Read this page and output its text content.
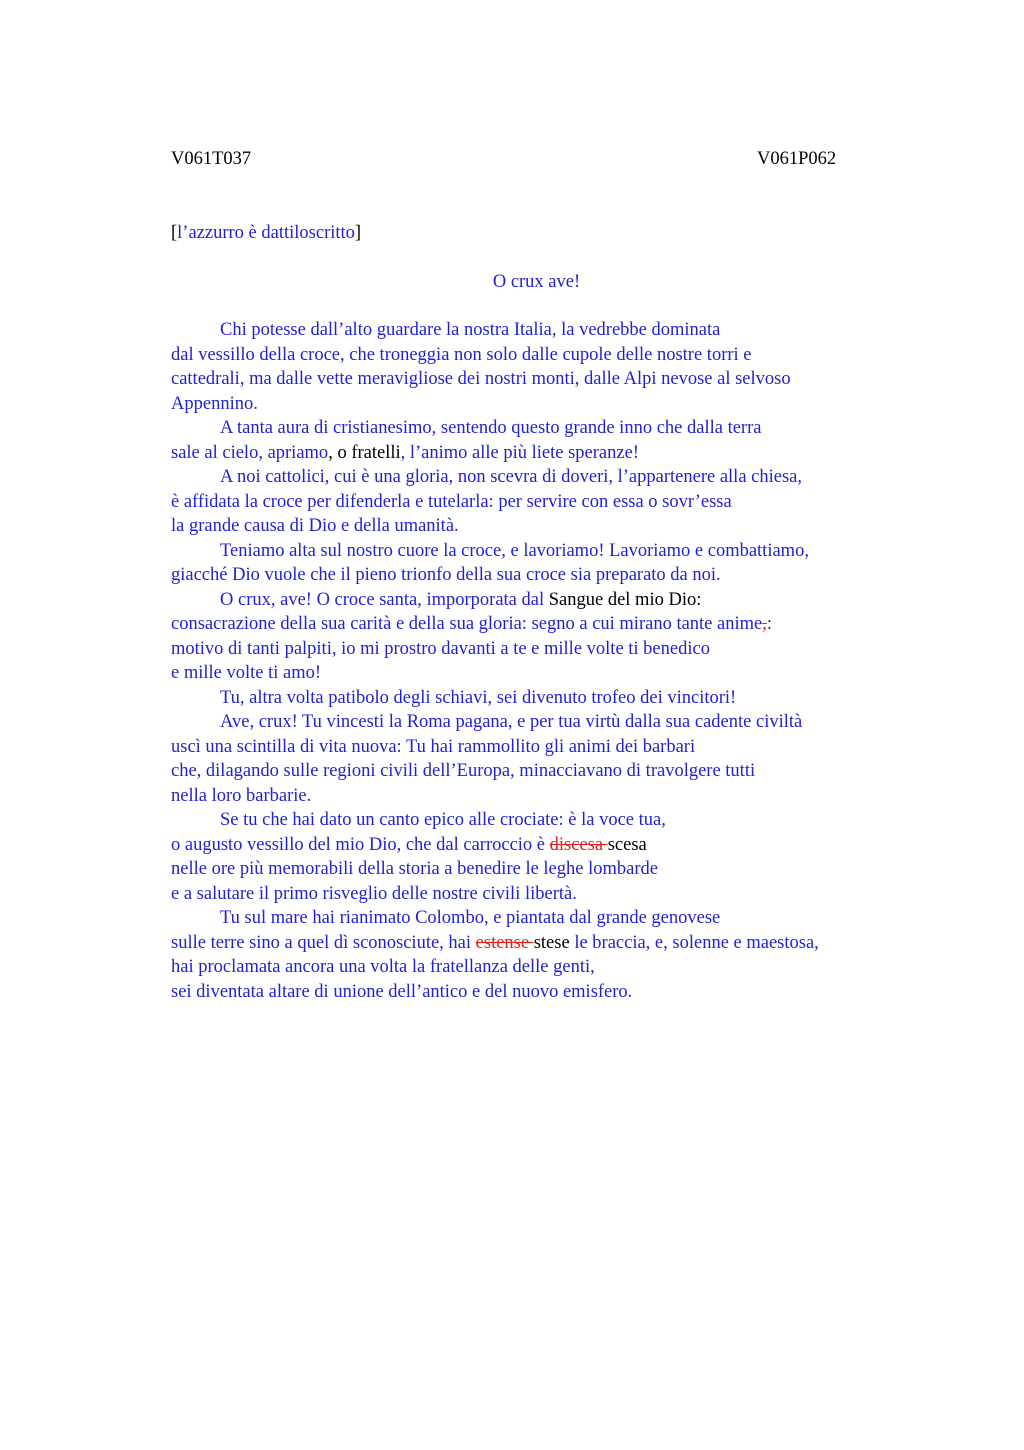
V061T037	V061P062
[l’azzurro è dattiloscritto]
O crux ave!
Chi potesse dall’alto guardare la nostra Italia, la vedrebbe dominata
dal vessillo della croce, che troneggia non solo dalle cupole delle nostre torri e
cattedrali, ma dalle vette meravigliose dei nostri monti, dalle Alpi nevose al selvoso
Appennino.
A tanta aura di cristianesimo, sentendo questo grande inno che dalla terra
sale al cielo, apriamo, o fratelli, l’animo alle più liete speranze!
A noi cattolici, cui è una gloria, non scevra di doveri, l’appartenere alla chiesa,
è affidata la croce per difenderla e tutelarla: per servire con essa o sovr’essa
la grande causa di Dio e della umanità.
Teniamo alta sul nostro cuore la croce, e lavoriamo! Lavoriamo e combattiamo,
giacché Dio vuole che il pieno trionfo della sua croce sia preparato da noi.
O crux, ave! O croce santa, imporporata dal Sangue del mio Dio:
consacrazione della sua carità e della sua gloria: segno a cui mirano tante anime,:
motivo di tanti palpiti, io mi prostro davanti a te e mille volte ti benedico
e mille volte ti amo!
Tu, altra volta patibolo degli schiavi, sei divenuto trofeo dei vincitori!
Ave, crux! Tu vincesti la Roma pagana, e per tua virtù dalla sua cadente civiltà
uscì una scintilla di vita nuova: Tu hai rammollito gli animi dei barbari
che, dilagando sulle regioni civili dell’Europa, minacciavano di travolgere tutti
nella loro barbarie.
Se tu che hai dato un canto epico alle crociate: è la voce tua,
o augusto vessillo del mio Dio, che dal carroccio è discesa scesa
nelle ore più memorabili della storia a benedire le leghe lombarde
e a salutare il primo risveglio delle nostre civili libertà.
Tu sul mare hai rianimato Colombo, e piantata dal grande genovese
sulle terre sino a quel dì sconosciute, hai estense stese le braccia, e, solenne e maestosa,
hai proclamata ancora una volta la fratellanza delle genti,
sei diventata altare di unione dell’antico e del nuovo emisfero.
